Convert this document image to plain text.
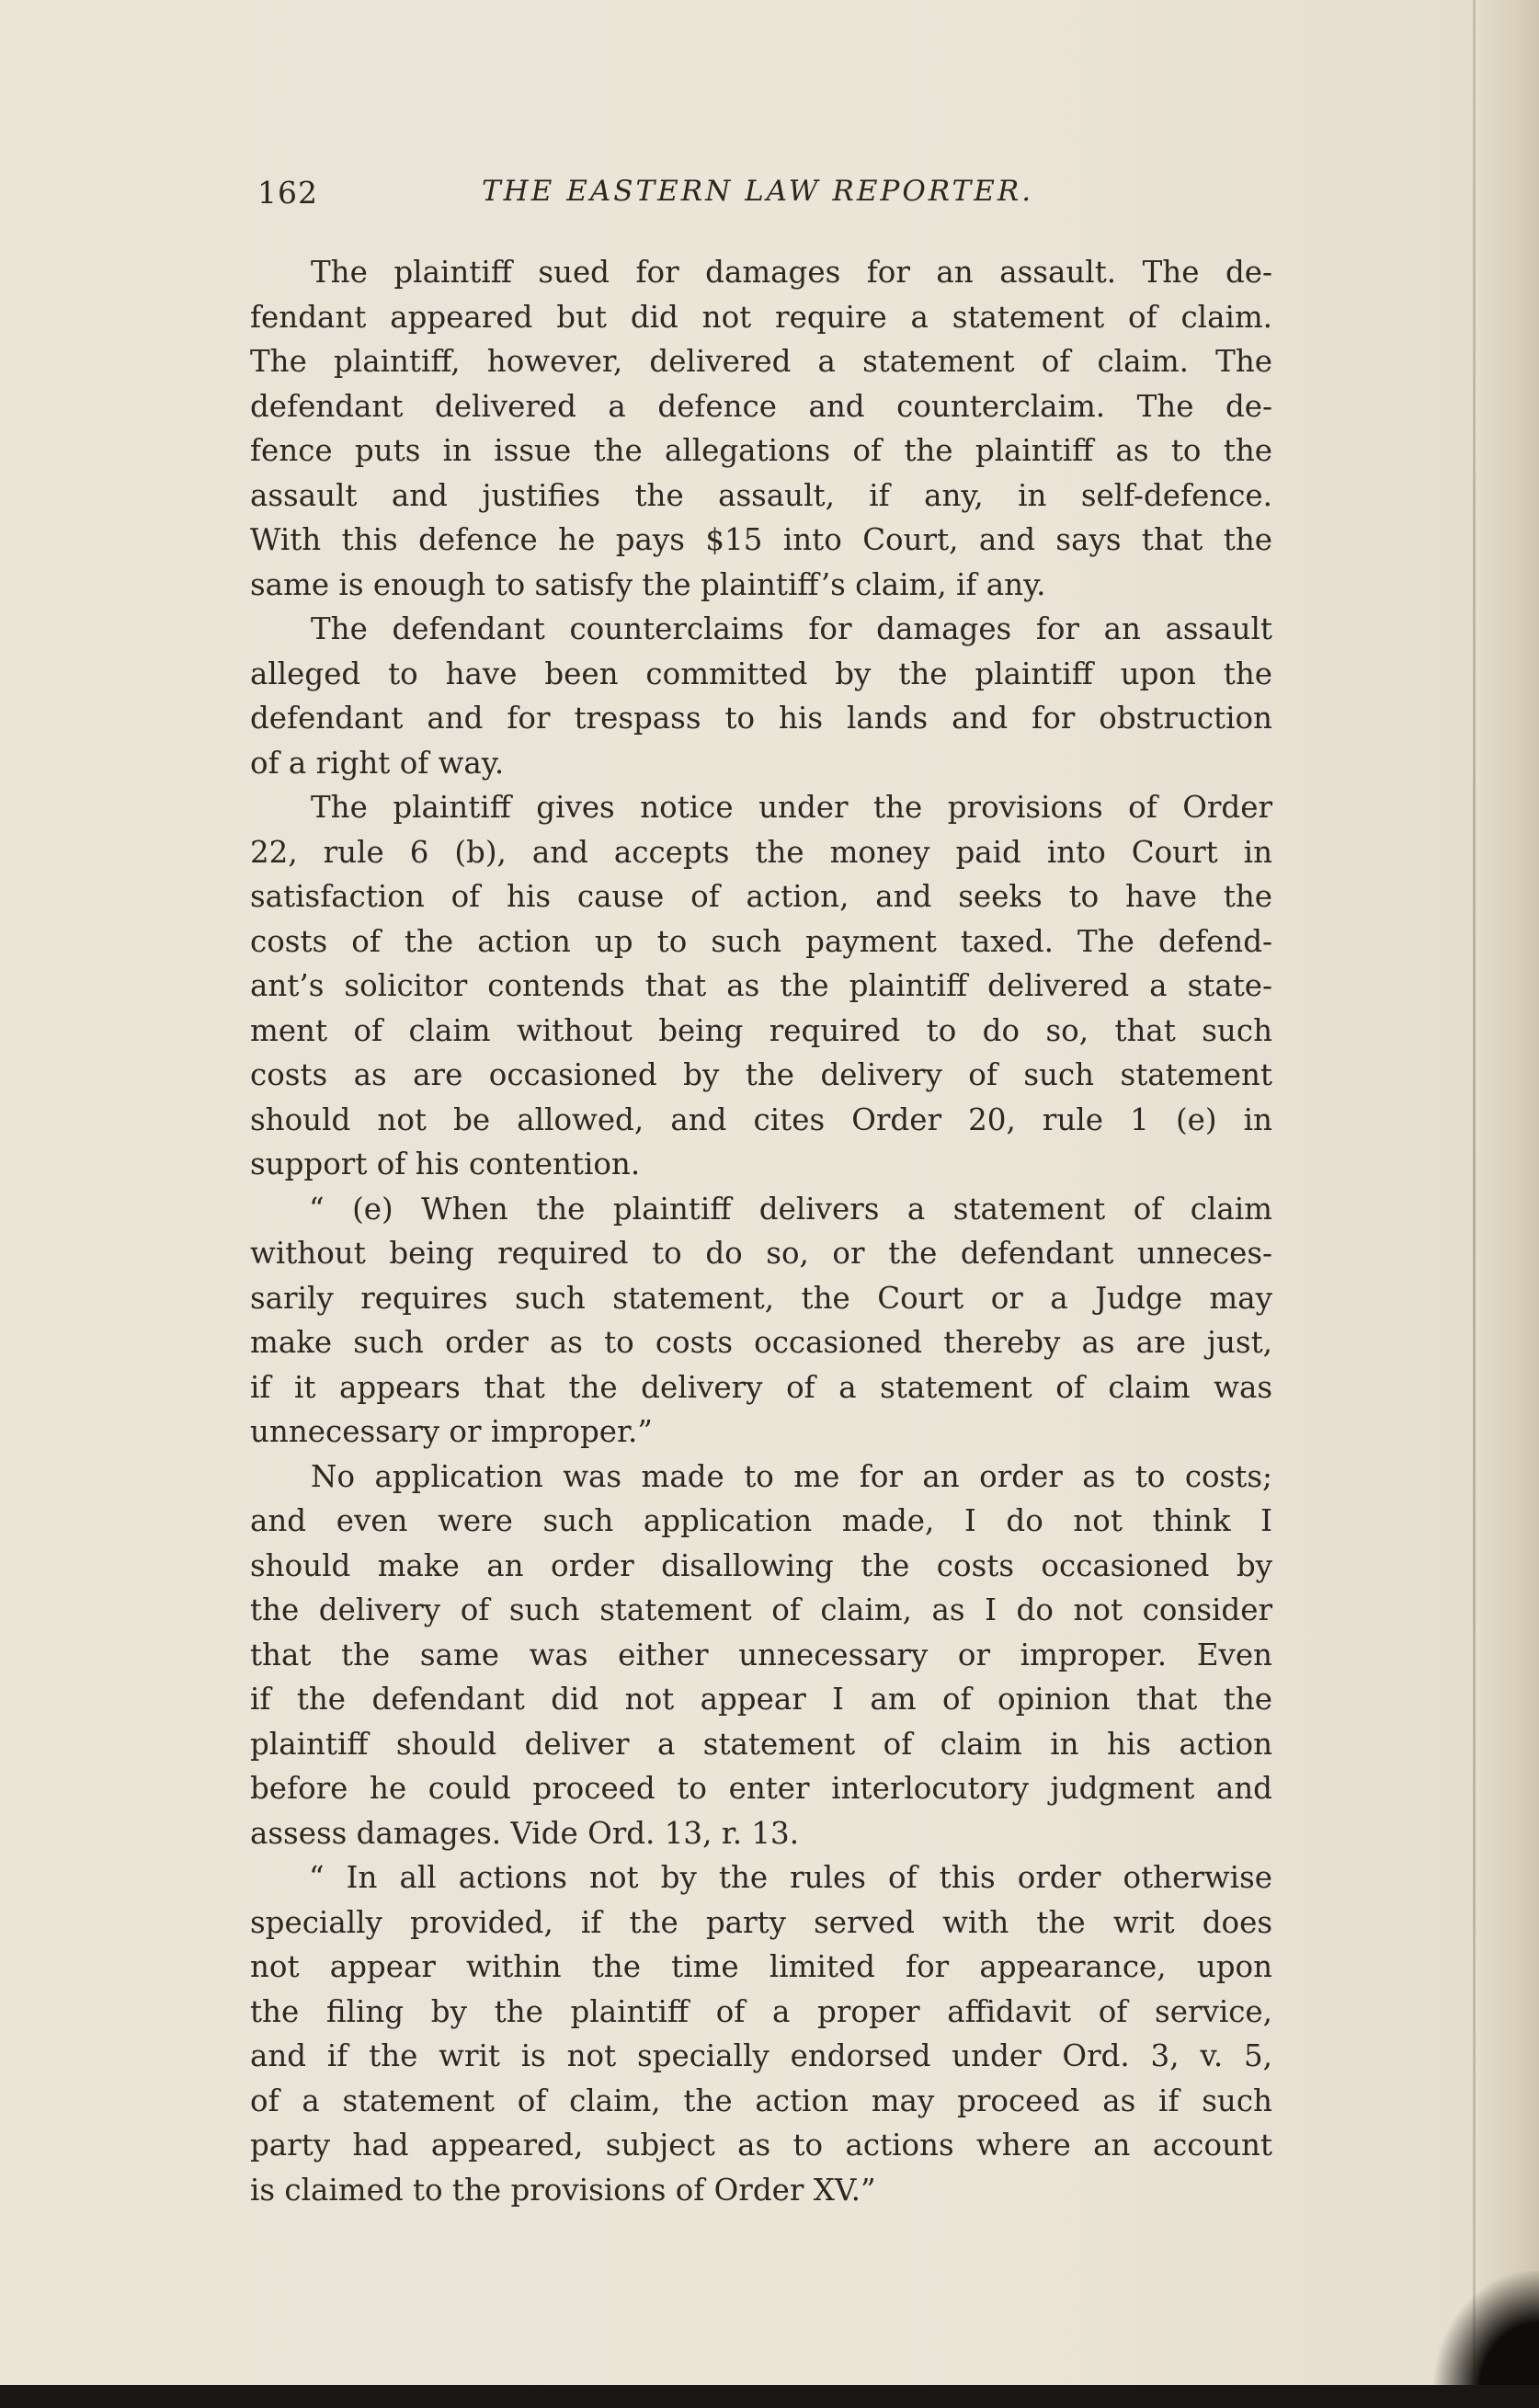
162	THE EASTERN LAW REPORTER.
The plaintiff sued for damages for an assault. The de-
fendant appeared but did not require a statement of claim.
The plaintiff, however, delivered a statement of claim. The
defendant delivered a defence and counterclaim. The de-
fence puts in issue the allegations of the plaintiff as to the
assault and justifies the assault, if any, in self-defence.
With this defence he pays $15 into Court, and says that the
same is enough to satisfy the plaintiff’s claim, if any.
The defendant counterclaims for damages for an assault
alleged to have been committed by the plaintiff upon the
defendant and for trespass to his lands and for obstruction
of a right of way.
The plaintiff gives notice under the provisions of Order
22, rule 6 (b), and accepts the money paid into Court in
satisfaction of his cause of action, and seeks to have the
costs of the action up to such payment taxed. The defend-
ant’s solicitor contends that as the plaintiff delivered a state-
ment of claim without being required to do so, that such
costs as are occasioned by the delivery of such statement
should not be allowed, and cites Order 20, rule 1 (e) in
support of his contention.
“ (e) When the plaintiff delivers a statement of claim
without being required to do so, or the defendant unneces-
sarily requires such statement, the Court or a Judge may
make such order as to costs occasioned thereby as are just,
if it appears that the delivery of a statement of claim was
unnecessary or improper.”
No application was made to me for an order as to costs;
and even were such application made, I do not think I
should make an order disallowing the costs occasioned by
the delivery of such statement of claim, as I do not consider
that the same was either unnecessary or improper. Even
if the defendant did not appear I am of opinion that the
plaintiff should deliver a statement of claim in his action
before he could proceed to enter interlocutory judgment and
assess damages. Vide Ord. 13, r. 13.
“ In all actions not by the rules of this order otherwise
specially provided, if the party served with the writ does
not appear within the time limited for appearance, upon
the filing by the plaintiff of a proper affidavit of service,
and if the writ is not specially endorsed under Ord. 3, v. 5,
of a statement of claim, the action may proceed as if such
party had appeared, subject as to actions where an account
is claimed to the provisions of Order XV.”
